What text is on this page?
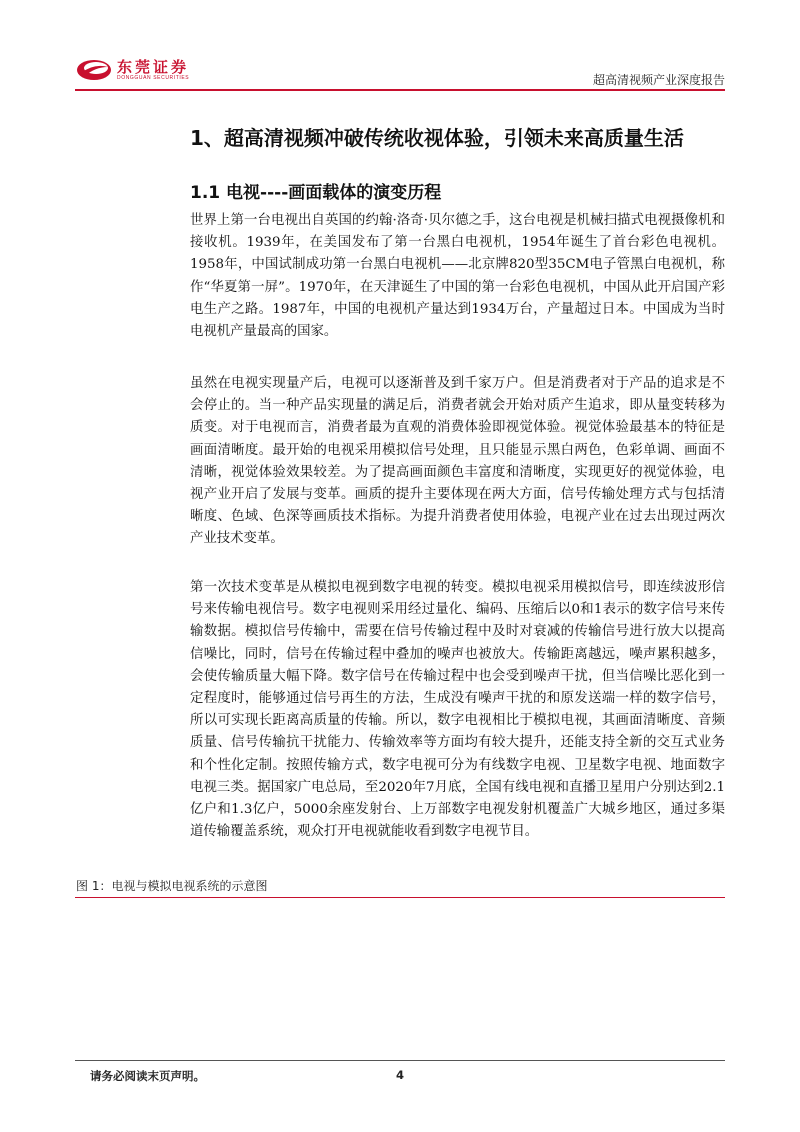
东莞证券
DONGGUAN SECURITIES	超高清视频产业深度报告
1、超高清视频冲破传统收视体验，引领未来高质量生活
1.1 电视----画面载体的演变历程

世界上第一台电视出自英国的约翰·洛奇·贝尔德之手，这台电视是机械扫描式电视摄像机和接收机。1939年，在美国发布了第一台黑白电视机，1954年诞生了首台彩色电视机。1958年，中国试制成功第一台黑白电视机——北京牌820型35CM电子管黑白电视机，称作“华夏第一屏”。1970年，在天津诞生了中国的第一台彩色电视机，中国从此开启国产彩电生产之路。1987年，中国的电视机产量达到1934万台，产量超过日本。中国成为当时电视机产量最高的国家。

虽然在电视实现量产后，电视可以逐渐普及到千家万户。但是消费者对于产品的追求是不会停止的。当一种产品实现量的满足后，消费者就会开始对质产生追求，即从量变转移为质变。对于电视而言，消费者最为直观的消费体验即视觉体验。视觉体验最基本的特征是画面清晰度。最开始的电视采用模拟信号处理，且只能显示黑白两色，色彩单调、画面不清晰，视觉体验效果较差。为了提高画面颜色丰富度和清晰度，实现更好的视觉体验，电视产业开启了发展与变革。画质的提升主要体现在两大方面，信号传输处理方式与包括清晰度、色域、色深等画质技术指标。为提升消费者使用体验，电视产业在过去出现过两次产业技术变革。

第一次技术变革是从模拟电视到数字电视的转变。模拟电视采用模拟信号，即连续波形信号来传输电视信号。数字电视则采用经过量化、编码、压缩后以0和1表示的数字信号来传输数据。模拟信号传输中，需要在信号传输过程中及时对衰减的传输信号进行放大以提高信噪比，同时，信号在传输过程中叠加的噪声也被放大。传输距离越远，噪声累积越多，会使传输质量大幅下降。数字信号在传输过程中也会受到噪声干扰，但当信噪比恶化到一定程度时，能够通过信号再生的方法，生成没有噪声干扰的和原发送端一样的数字信号，所以可实现长距离高质量的传输。所以，数字电视相比于模拟电视，其画面清晰度、音频质量、信号传输抗干扰能力、传输效率等方面均有较大提升，还能支持全新的交互式业务和个性化定制。按照传输方式，数字电视可分为有线数字电视、卫星数字电视、地面数字电视三类。据国家广电总局，至2020年7月底，全国有线电视和直播卫星用户分别达到2.1亿户和1.3亿户，5000余座发射台、上万部数字电视发射机覆盖广大城乡地区，通过多渠道传输覆盖系统，观众打开电视就能收看到数字电视节目。

图 1：电视与模拟电视系统的示意图
请务必阅读末页声明。	4
